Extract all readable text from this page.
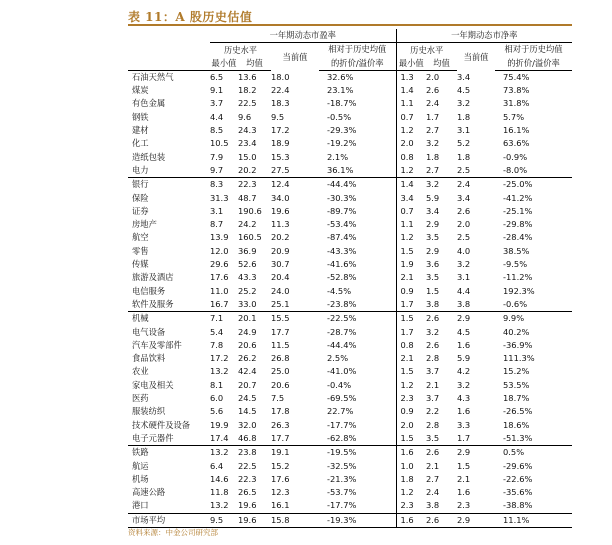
表 11：A 股历史估值
	一年期动态市盈率				一年期动态市净率			
	历史水平		当前值	相对于历史均值	历史水平		当前值	相对于历史均值
	最小值	均值		的折价/溢价率	最小值	均值		的折价/溢价率
石油天然气	6.5	13.6	18.0	32.6%	1.3	2.0	3.4	75.4%
煤炭	9.1	18.2	22.4	23.1%	1.4	2.6	4.5	73.8%
有色金属	3.7	22.5	18.3	-18.7%	1.1	2.4	3.2	31.8%
钢铁	4.4	9.6	9.5	-0.5%	0.7	1.7	1.8	5.7%
建材	8.5	24.3	17.2	-29.3%	1.2	2.7	3.1	16.1%
化工	10.5	23.4	18.9	-19.2%	2.0	3.2	5.2	63.6%
造纸包装	7.9	15.0	15.3	2.1%	0.8	1.8	1.8	-0.9%
电力	9.7	20.2	27.5	36.1%	1.2	2.7	2.5	-8.0%
银行	8.3	22.3	12.4	-44.4%	1.4	3.2	2.4	-25.0%
保险	31.3	48.7	34.0	-30.3%	3.4	5.9	3.4	-41.2%
证券	3.1	190.6	19.6	-89.7%	0.7	3.4	2.6	-25.1%
房地产	8.7	24.2	11.3	-53.4%	1.1	2.9	2.0	-29.8%
航空	13.9	160.5	20.2	-87.4%	1.2	3.5	2.5	-28.4%
零售	12.0	36.9	20.9	-43.3%	1.5	2.9	4.0	38.5%
传媒	29.6	52.6	30.7	-41.6%	1.9	3.6	3.2	-9.5%
旅游及酒店	17.6	43.3	20.4	-52.8%	2.1	3.5	3.1	-11.2%
电信服务	11.0	25.2	24.0	-4.5%	0.9	1.5	4.4	192.3%
软件及服务	16.7	33.0	25.1	-23.8%	1.7	3.8	3.8	-0.6%
机械	7.1	20.1	15.5	-22.5%	1.5	2.6	2.9	9.9%
电气设备	5.4	24.9	17.7	-28.7%	1.7	3.2	4.5	40.2%
汽车及零部件	7.8	20.6	11.5	-44.4%	0.8	2.6	1.6	-36.9%
食品饮料	17.2	26.2	26.8	2.5%	2.1	2.8	5.9	111.3%
农业	13.2	42.4	25.0	-41.0%	1.5	3.7	4.2	15.2%
家电及相关	8.1	20.7	20.6	-0.4%	1.2	2.1	3.2	53.5%
医药	6.0	24.5	7.5	-69.5%	2.3	3.7	4.3	18.7%
服装纺织	5.6	14.5	17.8	22.7%	0.9	2.2	1.6	-26.5%
技术硬件及设备	19.9	32.0	26.3	-17.7%	2.0	2.8	3.3	18.6%
电子元器件	17.4	46.8	17.7	-62.8%	1.5	3.5	1.7	-51.3%
铁路	13.2	23.8	19.1	-19.5%	1.6	2.6	2.9	0.5%
航运	6.4	22.5	15.2	-32.5%	1.0	2.1	1.5	-29.6%
机场	14.6	22.3	17.6	-21.3%	1.8	2.7	2.1	-22.6%
高速公路	11.8	26.5	12.3	-53.7%	1.2	2.4	1.6	-35.6%
港口	13.2	19.6	16.1	-17.7%	2.3	3.8	2.3	-38.8%
市场平均	9.5	19.6	15.8	-19.3%	1.6	2.6	2.9	11.1%
资料来源：中金公司研究部
